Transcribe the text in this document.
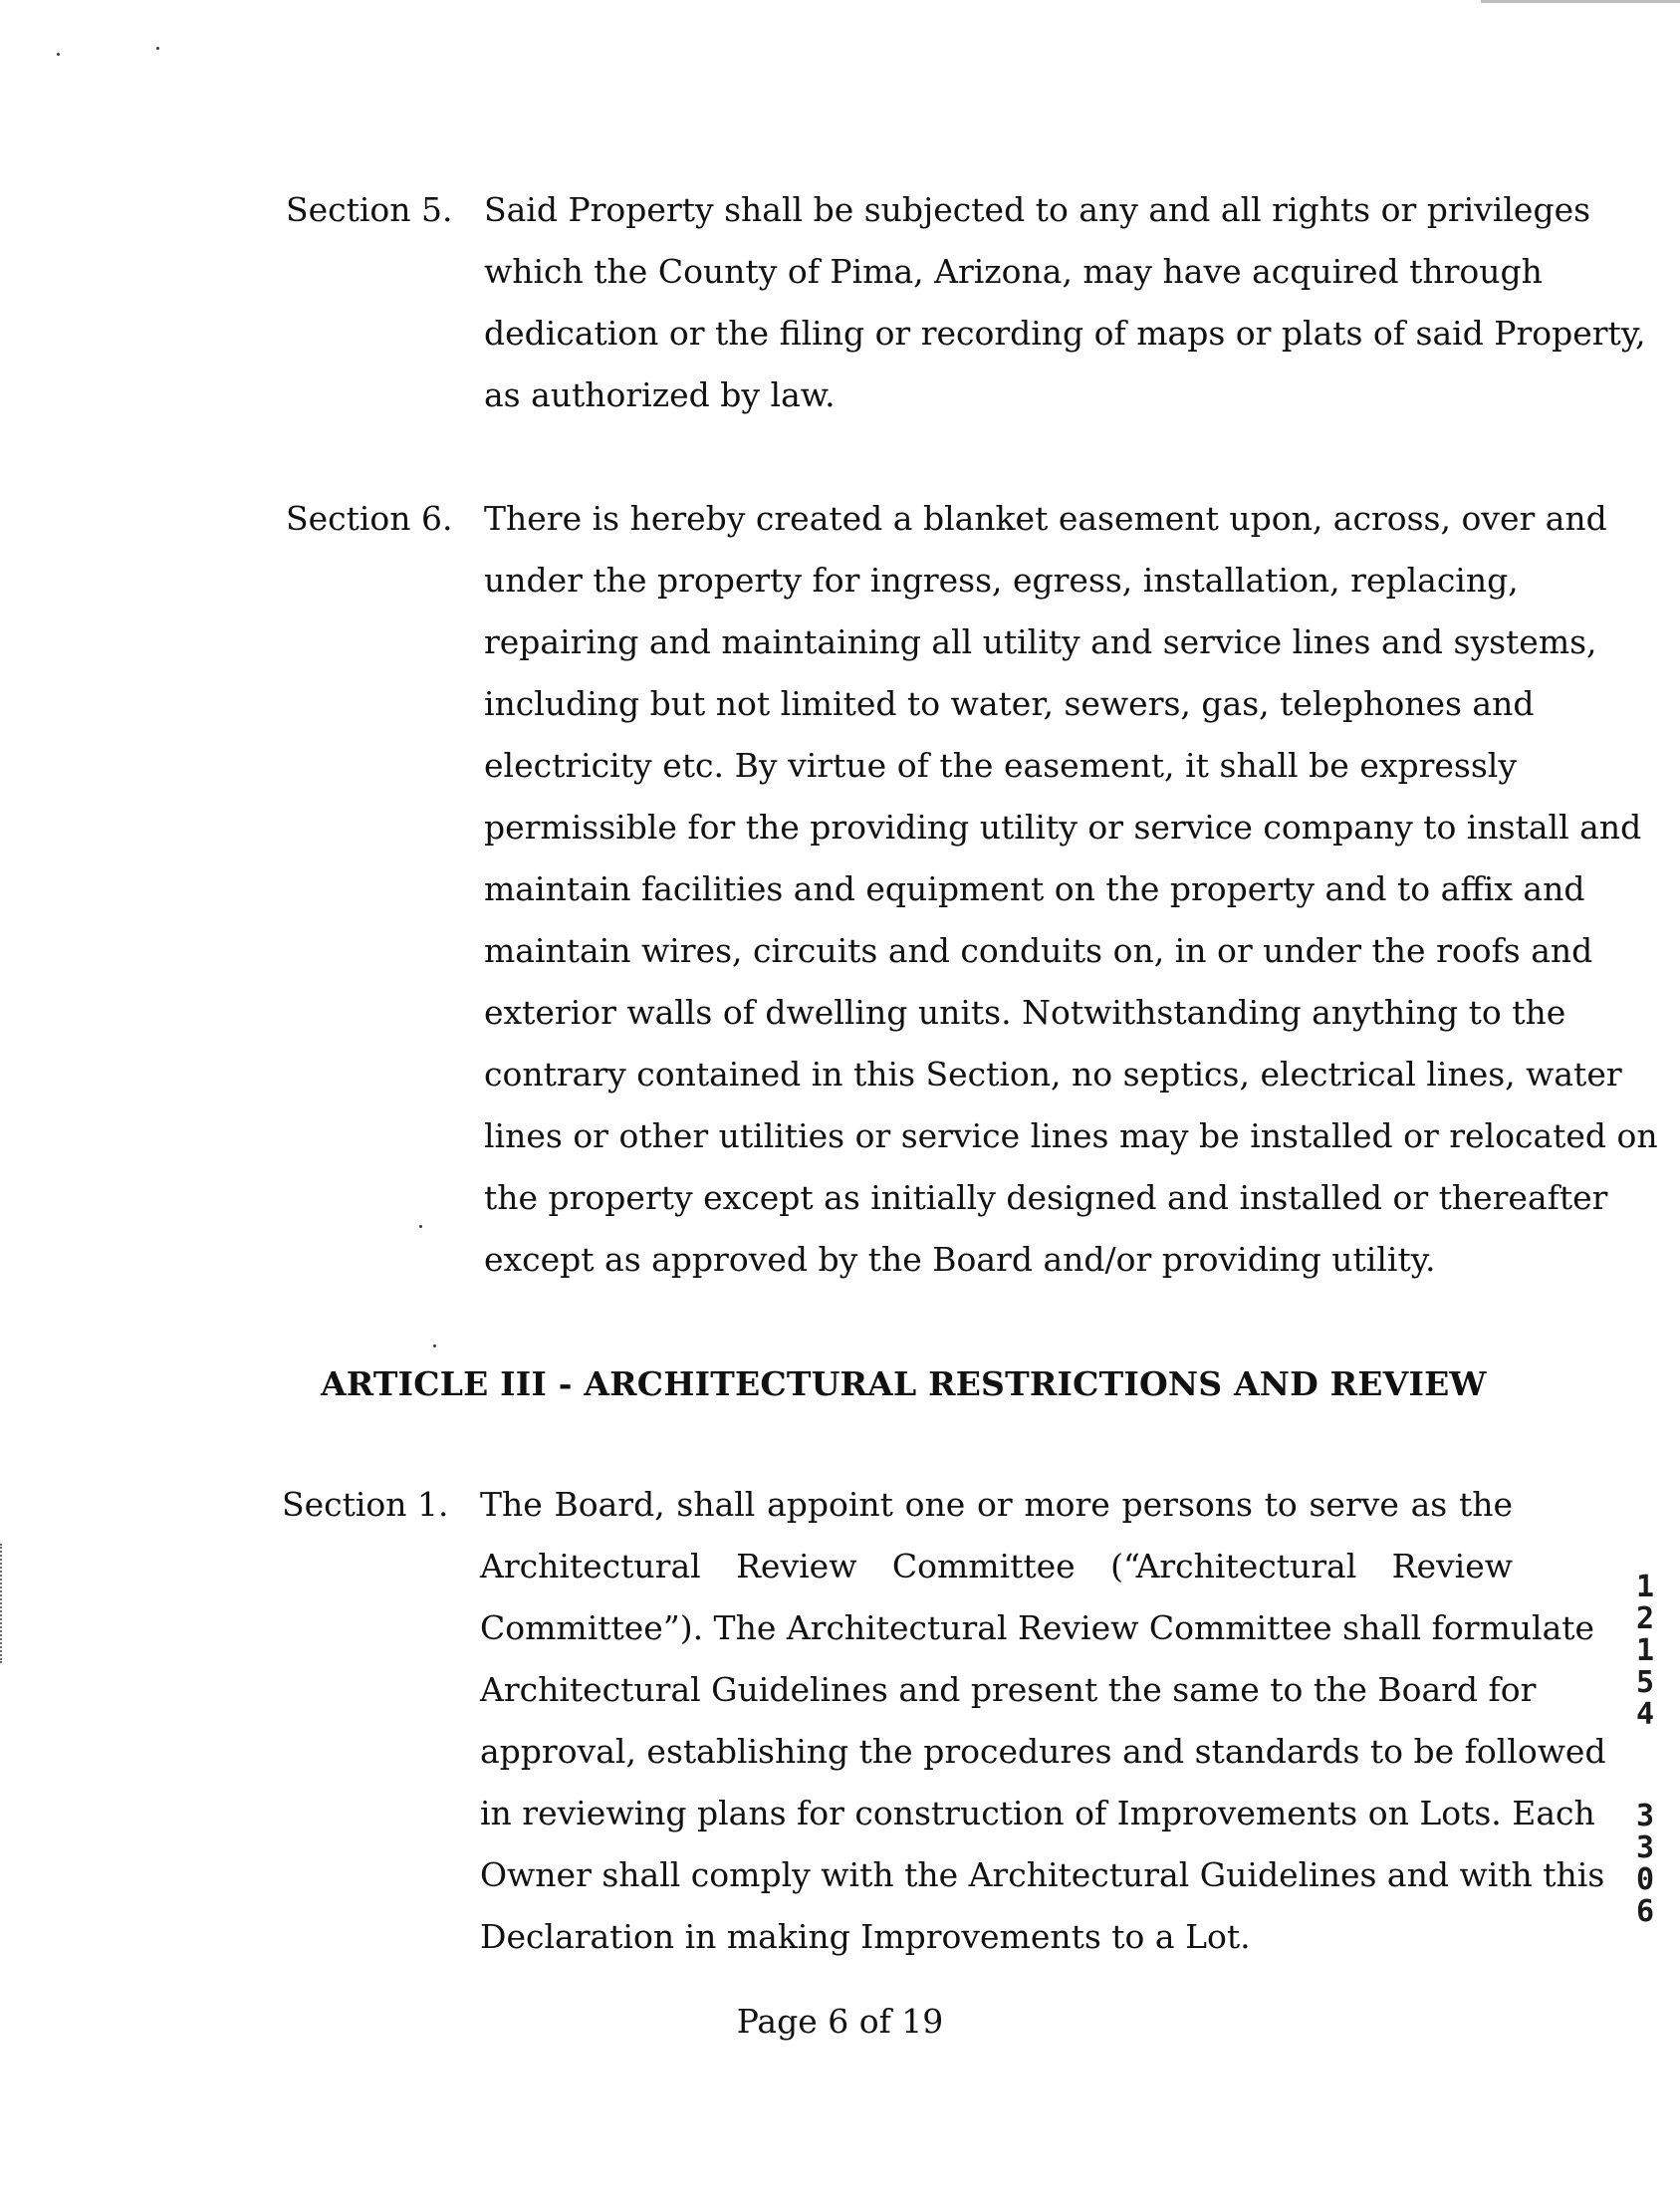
Section 5. Said Property shall be subjected to any and all rights or privileges
which the County of Pima, Arizona, may have acquired through
dedication or the filing or recording of maps or plats of said Property,
as authorized by law.
Section 6. There is hereby created a blanket easement upon, across, over and
under the property for ingress, egress, installation, replacing,
repairing and maintaining all utility and service lines and systems,
including but not limited to water, sewers, gas, telephones and
electricity etc. By virtue of the easement, it shall be expressly
permissible for the providing utility or service company to install and
maintain facilities and equipment on the property and to affix and
maintain wires, circuits and conduits on, in or under the roofs and
exterior walls of dwelling units. Notwithstanding anything to the
contrary contained in this Section, no septics, electrical lines, water
lines or other utilities or service lines may be installed or relocated on
the property except as initially designed and installed or thereafter
except as approved by the Board and/or providing utility.
ARTICLE III - ARCHITECTURAL RESTRICTIONS AND REVIEW
Section 1. The Board, shall appoint one or more persons to serve as the
Architectural Review Committee (“Architectural Review
Committee”). The Architectural Review Committee shall formulate
Architectural Guidelines and present the same to the Board for
approval, establishing the procedures and standards to be followed
in reviewing plans for construction of Improvements on Lots. Each
Owner shall comply with the Architectural Guidelines and with this
Declaration in making Improvements to a Lot.
Page 6 of 19
1
2
1
5
4
3
3
0
6
